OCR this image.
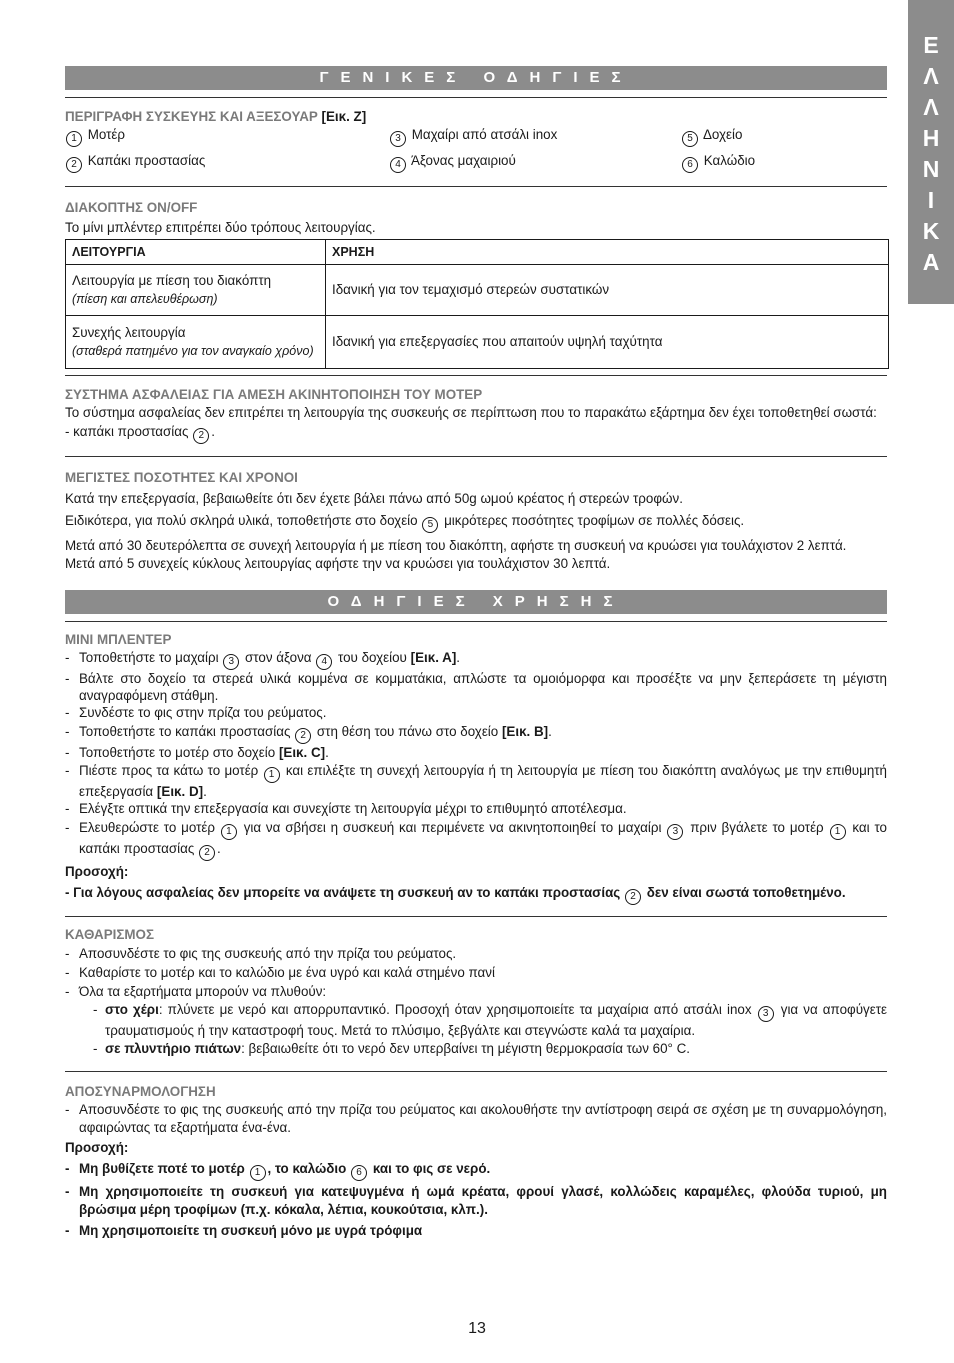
Ε
Λ
Λ
Η
Ν
Ι
Κ
Α
ΓΕΝΙΚΕΣ ΟΔΗΓΙΕΣ
ΠΕΡΙΓΡΑΦΗ ΣΥΣΚΕΥΗΣ ΚΑΙ ΑΞΕΣΟΥΑΡ [Εικ. Ζ]
1 Μοτέρ	3 Μαχαίρι από ατσάλι inox	5 Δοχείο
2 Καπάκι προστασίας	4 Άξονας μαχαιριού	6 Καλώδιο
ΔΙΑΚΟΠΤΗΣ ON/OFF
Το μίνι μπλέντερ επιτρέπει δύο τρόπους λειτουργίας.
ΛΕΙΤΟΥΡΓΙΑ	ΧΡΗΣΗ

Λειτουργία με πίεση του διακόπτη
(πίεση και απελευθέρωση)	Ιδανική για τον τεμαχισμό στερεών συστατικών

Συνεχής λειτουργία
(σταθερά πατημένο για τον αναγκαίο χρόνο)	Ιδανική για επεξεργασίες που απαιτούν υψηλή ταχύτητα
ΣΥΣΤΗΜΑ ΑΣΦΑΛΕΙΑΣ ΓΙΑ ΑΜΕΣΗ ΑΚΙΝΗΤΟΠΟΙΗΣΗ ΤΟΥ ΜΟΤΕΡ
Το σύστημα ασφαλείας δεν επιτρέπει τη λειτουργία της συσκευής σε περίπτωση που το παρακάτω εξάρτημα δεν έχει τοποθετηθεί σωστά:
- καπάκι προστασίας 2 .
ΜΕΓΙΣΤΕΣ ΠΟΣΟΤΗΤΕΣ ΚΑΙ ΧΡΟΝΟΙ
Κατά την επεξεργασία, βεβαιωθείτε ότι δεν έχετε βάλει πάνω από 50g ωμού κρέατος ή στερεών τροφών.
Ειδικότερα, για πολύ σκληρά υλικά, τοποθετήστε στο δοχείο 5 μικρότερες ποσότητες τροφίμων σε πολλές δόσεις.
Μετά από 30 δευτερόλεπτα σε συνεχή λειτουργία ή με πίεση του διακόπτη, αφήστε τη συσκευή να κρυώσει για τουλάχιστον 2 λεπτά.
Μετά από 5 συνεχείς κύκλους λειτουργίας αφήστε την να κρυώσει για τουλάχιστον 30 λεπτά.
ΟΔΗΓΙΕΣ ΧΡΗΣΗΣ
ΜΙΝΙ ΜΠΛΕΝΤΕΡ
- Τοποθετήστε το μαχαίρι 3 στον άξονα 4 του δοχείου [Εικ. Α].
- Βάλτε στο δοχείο τα στερεά υλικά κομμένα σε κομματάκια, απλώστε τα ομοιόμορφα και προσέξτε να μην ξεπεράσετε τη μέγιστη αναγραφόμενη στάθμη.
- Συνδέστε το φις στην πρίζα του ρεύματος.
- Τοποθετήστε το καπάκι προστασίας 2 στη θέση του πάνω στο δοχείο [Εικ. Β].
- Τοποθετήστε το μοτέρ στο δοχείο [Εικ. C].
- Πιέστε προς τα κάτω το μοτέρ 1 και επιλέξτε τη συνεχή λειτουργία ή τη λειτουργία με πίεση του διακόπτη αναλόγως με την επιθυμητή επεξεργασία [Εικ. D].
- Ελέγξτε οπτικά την επεξεργασία και συνεχίστε τη λειτουργία μέχρι το επιθυμητό αποτέλεσμα.
- Ελευθερώστε το μοτέρ 1 για να σβήσει η συσκευή και περιμένετε να ακινητοποιηθεί το μαχαίρι 3 πριν βγάλετε το μοτέρ 1 και το καπάκι προστασίας 2 .
Προσοχή:
- Για λόγους ασφαλείας δεν μπορείτε να ανάψετε τη συσκευή αν το καπάκι προστασίας 2 δεν είναι σωστά τοποθετημένο.
ΚΑΘΑΡΙΣΜΟΣ
- Αποσυνδέστε το φις της συσκευής από την πρίζα του ρεύματος.
- Καθαρίστε το μοτέρ και το καλώδιο με ένα υγρό και καλά στημένο πανί
- Όλα τα εξαρτήματα μπορούν να πλυθούν:
- στο χέρι: πλύνετε με νερό και απορρυπαντικό. Προσοχή όταν χρησιμοποιείτε τα μαχαίρια από ατσάλι inox 3 για να αποφύγετε τραυματισμούς ή την καταστροφή τους. Μετά το πλύσιμο, ξεβγάλτε και στεγνώστε καλά τα μαχαίρια.
- σε πλυντήριο πιάτων: βεβαιωθείτε ότι το νερό δεν υπερβαίνει τη μέγιστη θερμοκρασία των 60° C.
ΑΠΟΣΥΝΑΡΜΟΛΟΓΗΣΗ
- Αποσυνδέστε το φις της συσκευής από την πρίζα του ρεύματος και ακολουθήστε την αντίστροφη σειρά σε σχέση με τη συναρμολόγηση, αφαιρώντας τα εξαρτήματα ένα-ένα.
Προσοχή:
- Μη βυθίζετε ποτέ το μοτέρ 1 , το καλώδιο 6 και το φις σε νερό.
- Μη χρησιμοποιείτε τη συσκευή για κατεψυγμένα ή ωμά κρέατα, φρουί γλασέ, κολλώδεις καραμέλες, φλούδα τυριού, μη βρώσιμα μέρη τροφίμων (π.χ. κόκαλα, λέπια, κουκούτσια, κλπ.).
- Μη χρησιμοποιείτε τη συσκευή μόνο με υγρά τρόφιμα
13
